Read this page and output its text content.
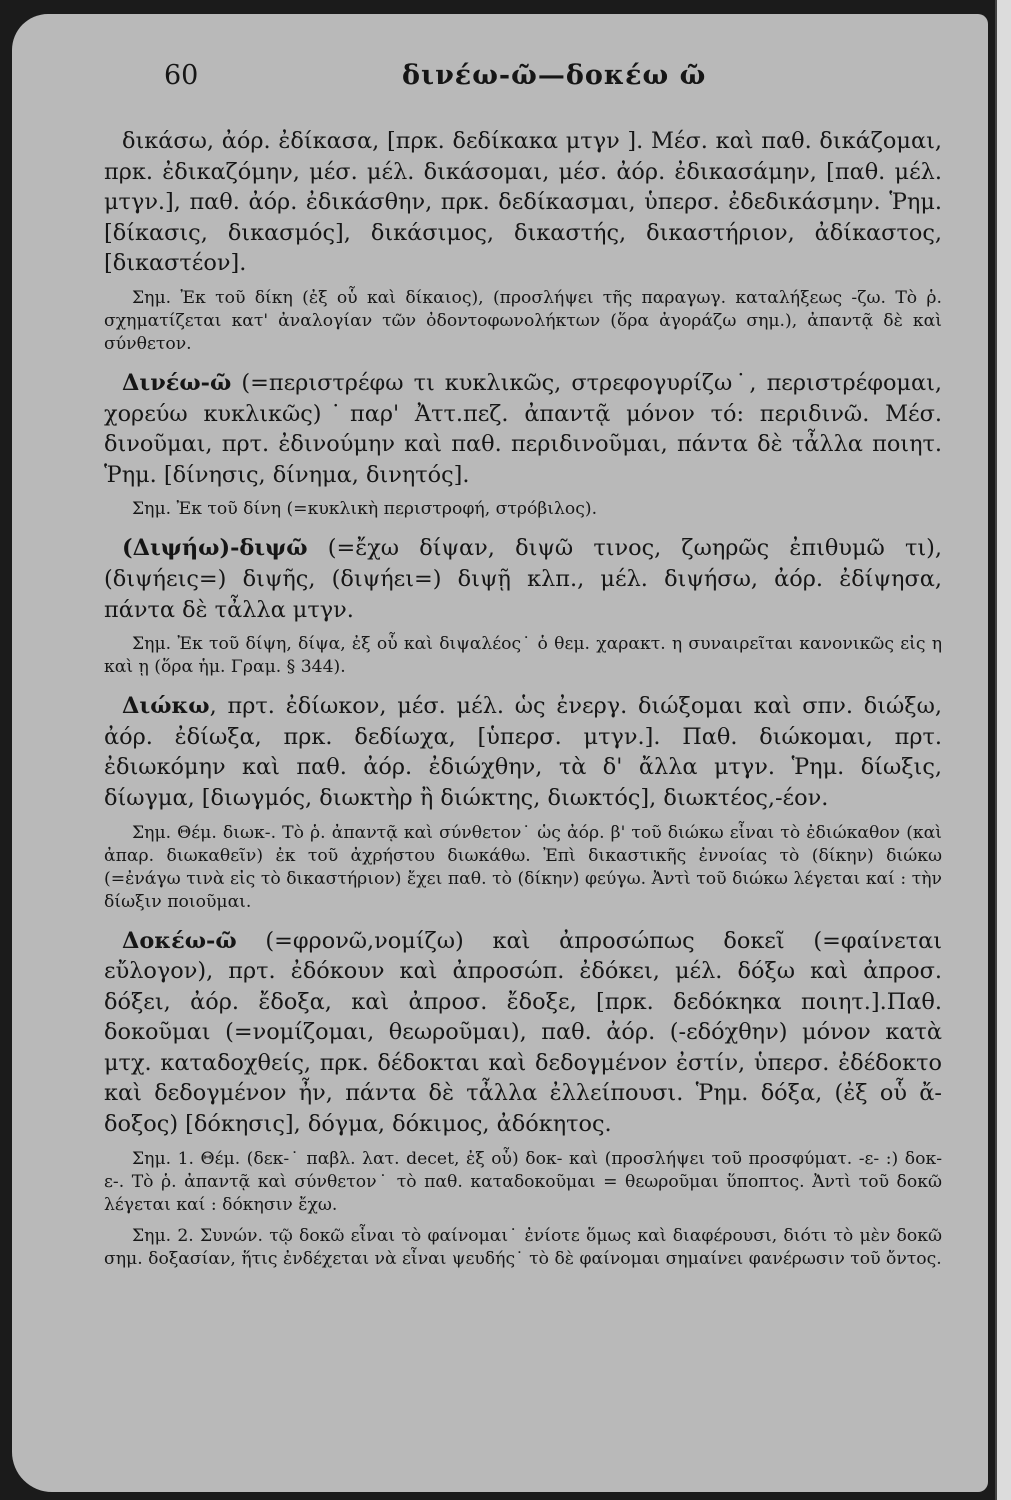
60	δινέω-ῶ—δοκέω ῶ

δικάσω, ἀόρ. ἐδίκασα, [πρκ. δεδίκακα μτγν ]. Μέσ. καὶ παθ. δικάζομαι, πρκ. ἐδικαζόμην, μέσ. μέλ. δικάσομαι, μέσ. ἀόρ. ἐδικασάμην, [παθ. μέλ. μτγν.], παθ. ἀόρ. ἐδικάσθην, πρκ. δεδίκασμαι, ὑπερσ. ἐδεδικάσμην. Ῥημ. [δίκασις, δικασμός], δικάσιμος, δικαστής, δικαστήριον, ἀδίκαστος, [δικαστέον].

Σημ. Ἐκ τοῦ δίκη (ἐξ οὗ καὶ δίκαιος), (προσλήψει τῆς παραγωγ. καταλήξεως -ζω. Τὸ ῥ. σχηματίζεται κατ' ἀναλογίαν τῶν ὀδοντοφωνολήκτων (ὅρα ἀγοράζω σημ.), ἀπαντᾷ δὲ καὶ σύνθετον.

Δινέω-ῶ (=περιστρέφω τι κυκλικῶς, στρεφογυρίζω˙, περιστρέφομαι, χορεύω κυκλικῶς)˙παρ' Ἀττ.πεζ. ἀπαντᾷ μόνον τό: περιδινῶ. Μέσ. δινοῦμαι, πρτ. ἐδινούμην καὶ παθ. περιδινοῦμαι, πάντα δὲ τἆλλα ποιητ. Ῥημ. [δίνησις, δίνημα, δινητός].

Σημ. Ἐκ τοῦ δίνη (=κυκλικὴ περιστροφή, στρόβιλος).

(Διψήω)-διψῶ (=ἔχω δίψαν, διψῶ τινος, ζωηρῶς ἐπιθυμῶ τι), (διψήεις=) διψῆς, (διψήει=) διψῇ κλπ., μέλ. διψήσω, ἀόρ. ἐδίψησα, πάντα δὲ τἆλλα μτγν.

Σημ. Ἐκ τοῦ δίψη, δίψα, ἐξ οὗ καὶ διψαλέος˙ ὁ θεμ. χαρακτ. η συναιρεῖται κανονικῶς εἰς η καὶ ῃ (ὅρα ἡμ. Γραμ. § 344).

Διώκω, πρτ. ἐδίωκον, μέσ. μέλ. ὡς ἐνεργ. διώξομαι καὶ σπν. διώξω, ἀόρ. ἐδίωξα, πρκ. δεδίωχα, [ὑπερσ. μτγν.]. Παθ. διώκομαι, πρτ. ἐδιωκόμην καὶ παθ. ἀόρ. ἐδιώχθην, τὰ δ' ἄλλα μτγν. Ῥημ. δίωξις, δίωγμα, [διωγμός, διωκτὴρ ἢ διώκτης, διωκτός], διωκτέος,-έον.

Σημ. Θέμ. διωκ-. Τὸ ῥ. ἀπαντᾷ καὶ σύνθετον˙ ὡς ἀόρ. β' τοῦ διώκω εἶναι τὸ ἐδιώκαθον (καὶ ἀπαρ. διωκαθεῖν) ἐκ τοῦ ἀχρήστου διωκάθω. Ἐπὶ δικαστικῆς ἐννοίας τὸ (δίκην) διώκω (=ἐνάγω τινὰ εἰς τὸ δικαστήριον) ἔχει παθ. τὸ (δίκην) φεύγω. Ἀντὶ τοῦ διώκω λέγεται καί : τὴν δίωξιν ποιοῦμαι.

Δοκέω-ῶ (=φρονῶ,νομίζω) καὶ ἀπροσώπως δοκεῖ (=φαίνεται εὔλογον), πρτ. ἐδόκουν καὶ ἀπροσώπ. ἐδόκει, μέλ. δόξω καὶ ἀπροσ. δόξει, ἀόρ. ἔδοξα, καὶ ἀπροσ. ἔδοξε, [πρκ. δεδόκηκα ποιητ.].Παθ. δοκοῦμαι (=νομίζομαι, θεωροῦμαι), παθ. ἀόρ. (-εδόχθην) μόνον κατὰ μτχ. καταδοχθείς, πρκ. δέδοκται καὶ δεδογμένον ἐστίν, ὑπερσ. ἐδέδοκτο καὶ δεδογμένον ἦν, πάντα δὲ τἆλλα ἐλλείπουσι. Ῥημ. δόξα, (ἐξ οὗ ἄ-δοξος) [δόκησις], δόγμα, δόκιμος, ἀδόκητος.

Σημ. 1. Θέμ. (δεκ-˙ παβλ. λατ. decet, ἐξ οὗ) δοκ- καὶ (προσλήψει τοῦ προσφύματ. -ε- :) δοκ-ε-. Τὸ ῥ. ἀπαντᾷ καὶ σύνθετον˙ τὸ παθ. καταδοκοῦμαι = θεωροῦμαι ὕποπτος. Ἀντὶ τοῦ δοκῶ λέγεται καί : δόκησιν ἔχω.

Σημ. 2. Συνών. τῷ δοκῶ εἶναι τὸ φαίνομαι˙ ἐνίοτε ὅμως καὶ διαφέρουσι, διότι τὸ μὲν δοκῶ σημ. δοξασίαν, ἥτις ἐνδέχεται νὰ εἶναι ψευδής˙ τὸ δὲ φαίνομαι σημαίνει φανέρωσιν τοῦ ὄντος.
